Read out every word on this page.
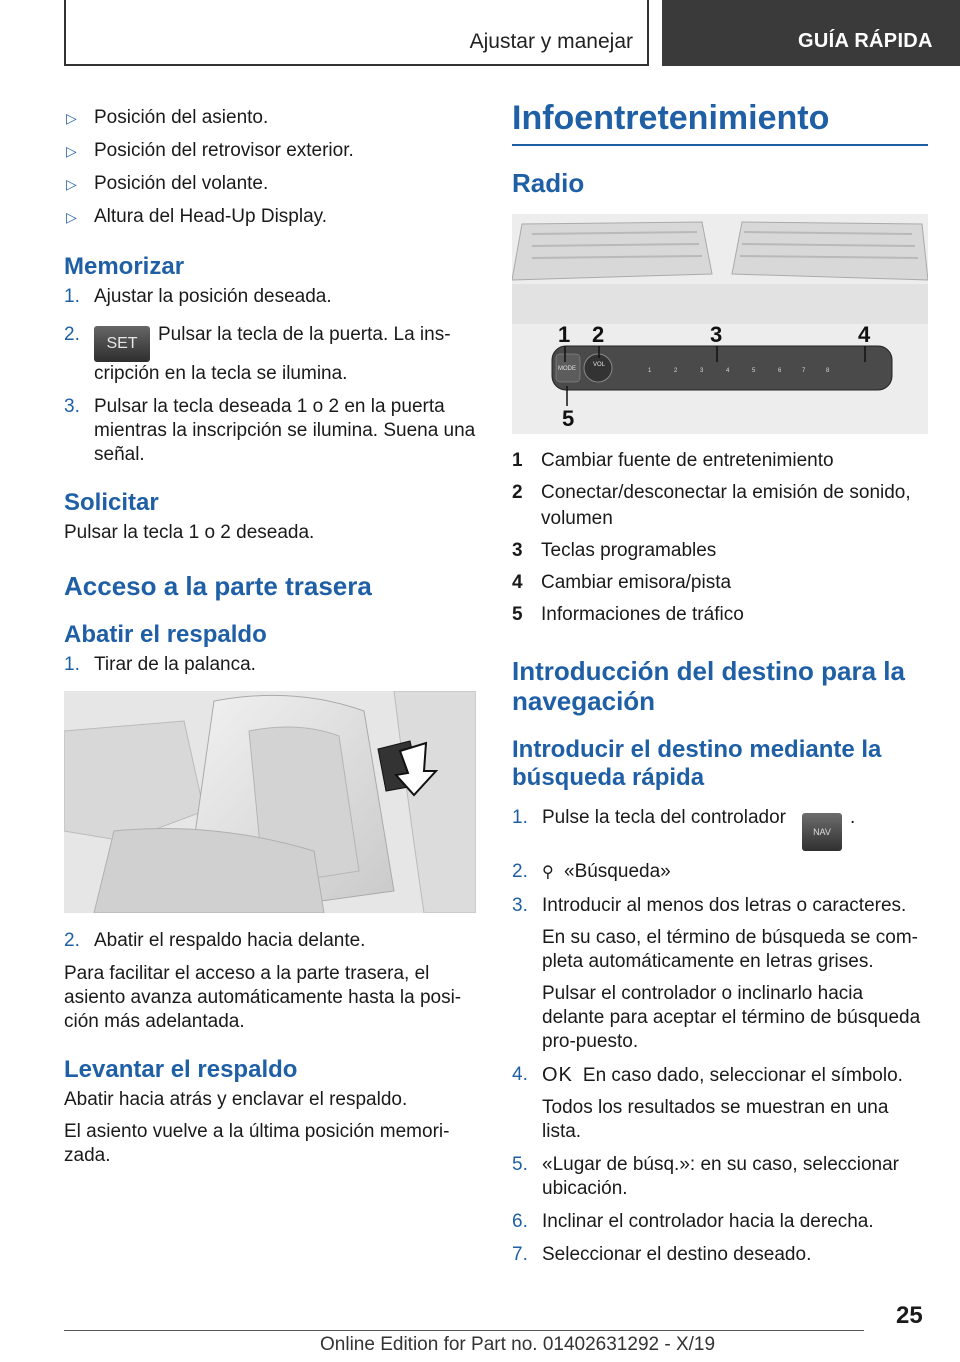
Ajustar y manejar	GUÍA RÁPIDA
▷ Posición del asiento.
▷ Posición del retrovisor exterior.
▷ Posición del volante.
▷ Altura del Head-Up Display.
Memorizar
1. Ajustar la posición deseada.
2. SET Pulsar la tecla de la puerta. La ins-cripción en la tecla se ilumina.
3. Pulsar la tecla deseada 1 o 2 en la puerta mientras la inscripción se ilumina. Suena una señal.
Solicitar
Pulsar la tecla 1 o 2 deseada.
Acceso a la parte trasera
Abatir el respaldo
1. Tirar de la palanca.
2. Abatir el respaldo hacia delante.
Para facilitar el acceso a la parte trasera, el asiento avanza automáticamente hasta la posi-ción más adelantada.
Levantar el respaldo
Abatir hacia atrás y enclavar el respaldo.
El asiento vuelve a la última posición memori-zada.
Infoentretenimiento
Radio
MODE
VOL
1	2	3	4	5	6	7	8
1 2	3	4
5
1 Cambiar fuente de entretenimiento
2 Conectar/desconectar la emisión de sonido, volumen
3 Teclas programables
4 Cambiar emisora/pista
5 Informaciones de tráfico
Introducción del destino para la navegación
Introducir el destino mediante la búsqueda rápida
1. Pulse la tecla del controladorNAV.
2. ⚲ «Búsqueda»
3. Introducir al menos dos letras o caracteres.
En su caso, el término de búsqueda se com-pleta automáticamente en letras grises.
Pulsar el controlador o inclinarlo hacia delante para aceptar el término de búsqueda pro-puesto.
4. OK En caso dado, seleccionar el símbolo.
Todos los resultados se muestran en una lista.
5. «Lugar de búsq.»: en su caso, seleccionar ubicación.
6. Inclinar el controlador hacia la derecha.
7. Seleccionar el destino deseado.
25
Online Edition for Part no. 01402631292 - X/19
